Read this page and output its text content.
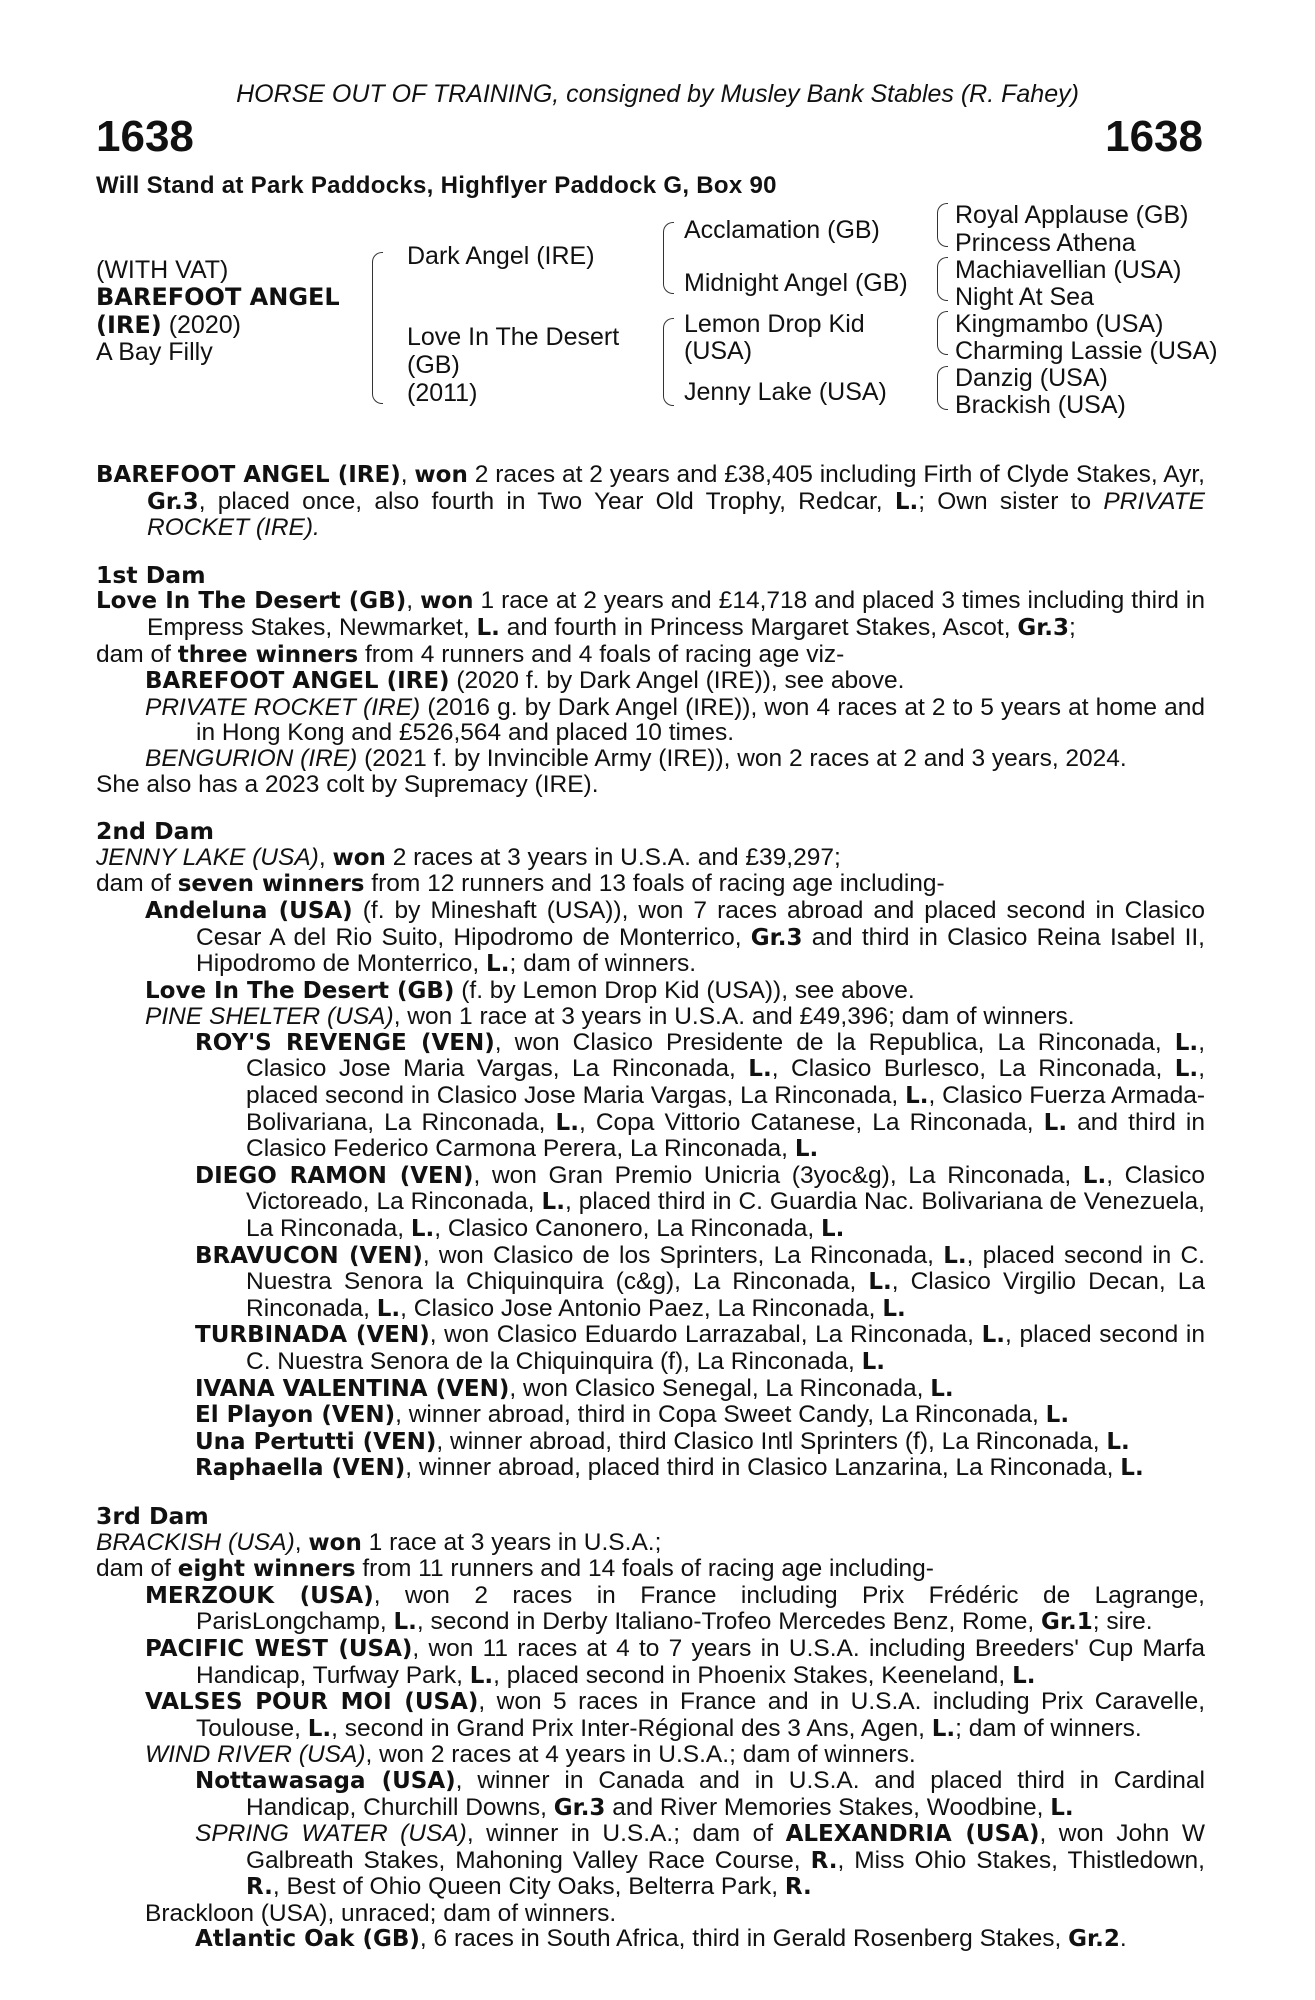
HORSE OUT OF TRAINING, consigned by Musley Bank Stables (R. Fahey)
1638	1638
Will Stand at Park Paddocks, Highflyer Paddock G, Box 90
(WITH VAT)
BAREFOOT ANGEL
(IRE) (2020)
A Bay Filly
Dark Angel (IRE)
Love In The Desert
(GB)
(2011)
Acclamation (GB)
Midnight Angel (GB)
Lemon Drop Kid
(USA)
Jenny Lake (USA)
Royal Applause (GB)
Princess Athena
Machiavellian (USA)
Night At Sea
Kingmambo (USA)
Charming Lassie (USA)
Danzig (USA)
Brackish (USA)

BAREFOOT ANGEL (IRE), won 2 races at 2 years and £38,405 including Firth of Clyde Stakes, Ayr, Gr.3, placed once, also fourth in Two Year Old Trophy, Redcar, L.; Own sister to PRIVATE ROCKET (IRE).

1st Dam

Love In The Desert (GB), won 1 race at 2 years and £14,718 and placed 3 times including third in Empress Stakes, Newmarket, L. and fourth in Princess Margaret Stakes, Ascot, Gr.3;

dam of three winners from 4 runners and 4 foals of racing age viz-

BAREFOOT ANGEL (IRE) (2020 f. by Dark Angel (IRE)), see above.

PRIVATE ROCKET (IRE) (2016 g. by Dark Angel (IRE)), won 4 races at 2 to 5 years at home and in Hong Kong and £526,564 and placed 10 times.

BENGURION (IRE) (2021 f. by Invincible Army (IRE)), won 2 races at 2 and 3 years, 2024.

She also has a 2023 colt by Supremacy (IRE).

2nd Dam

JENNY LAKE (USA), won 2 races at 3 years in U.S.A. and £39,297;

dam of seven winners from 12 runners and 13 foals of racing age including-

Andeluna (USA) (f. by Mineshaft (USA)), won 7 races abroad and placed second in Clasico Cesar A del Rio Suito, Hipodromo de Monterrico, Gr.3 and third in Clasico Reina Isabel II, Hipodromo de Monterrico, L.; dam of winners.

Love In The Desert (GB) (f. by Lemon Drop Kid (USA)), see above.

PINE SHELTER (USA), won 1 race at 3 years in U.S.A. and £49,396; dam of winners.

ROY'S REVENGE (VEN), won Clasico Presidente de la Republica, La Rinconada, L., Clasico Jose Maria Vargas, La Rinconada, L., Clasico Burlesco, La Rinconada, L., placed second in Clasico Jose Maria Vargas, La Rinconada, L., Clasico Fuerza Armada-Bolivariana, La Rinconada, L., Copa Vittorio Catanese, La Rinconada, L. and third in Clasico Federico Carmona Perera, La Rinconada, L.

DIEGO RAMON (VEN), won Gran Premio Unicria (3yoc&g), La Rinconada, L., Clasico Victoreado, La Rinconada, L., placed third in C. Guardia Nac. Bolivariana de Venezuela, La Rinconada, L., Clasico Canonero, La Rinconada, L.

BRAVUCON (VEN), won Clasico de los Sprinters, La Rinconada, L., placed second in C. Nuestra Senora la Chiquinquira (c&g), La Rinconada, L., Clasico Virgilio Decan, La Rinconada, L., Clasico Jose Antonio Paez, La Rinconada, L.

TURBINADA (VEN), won Clasico Eduardo Larrazabal, La Rinconada, L., placed second in C. Nuestra Senora de la Chiquinquira (f), La Rinconada, L.

IVANA VALENTINA (VEN), won Clasico Senegal, La Rinconada, L.

El Playon (VEN), winner abroad, third in Copa Sweet Candy, La Rinconada, L.

Una Pertutti (VEN), winner abroad, third Clasico Intl Sprinters (f), La Rinconada, L.

Raphaella (VEN), winner abroad, placed third in Clasico Lanzarina, La Rinconada, L.

3rd Dam

BRACKISH (USA), won 1 race at 3 years in U.S.A.;

dam of eight winners from 11 runners and 14 foals of racing age including-

MERZOUK (USA), won 2 races in France including Prix Frédéric de Lagrange, ParisLongchamp, L., second in Derby Italiano-Trofeo Mercedes Benz, Rome, Gr.1; sire.

PACIFIC WEST (USA), won 11 races at 4 to 7 years in U.S.A. including Breeders' Cup Marfa Handicap, Turfway Park, L., placed second in Phoenix Stakes, Keeneland, L.

VALSES POUR MOI (USA), won 5 races in France and in U.S.A. including Prix Caravelle, Toulouse, L., second in Grand Prix Inter-Régional des 3 Ans, Agen, L.; dam of winners.

WIND RIVER (USA), won 2 races at 4 years in U.S.A.; dam of winners.

Nottawasaga (USA), winner in Canada and in U.S.A. and placed third in Cardinal Handicap, Churchill Downs, Gr.3 and River Memories Stakes, Woodbine, L.

SPRING WATER (USA), winner in U.S.A.; dam of ALEXANDRIA (USA), won John W Galbreath Stakes, Mahoning Valley Race Course, R., Miss Ohio Stakes, Thistledown, R., Best of Ohio Queen City Oaks, Belterra Park, R.

Brackloon (USA), unraced; dam of winners.

Atlantic Oak (GB), 6 races in South Africa, third in Gerald Rosenberg Stakes, Gr.2.
